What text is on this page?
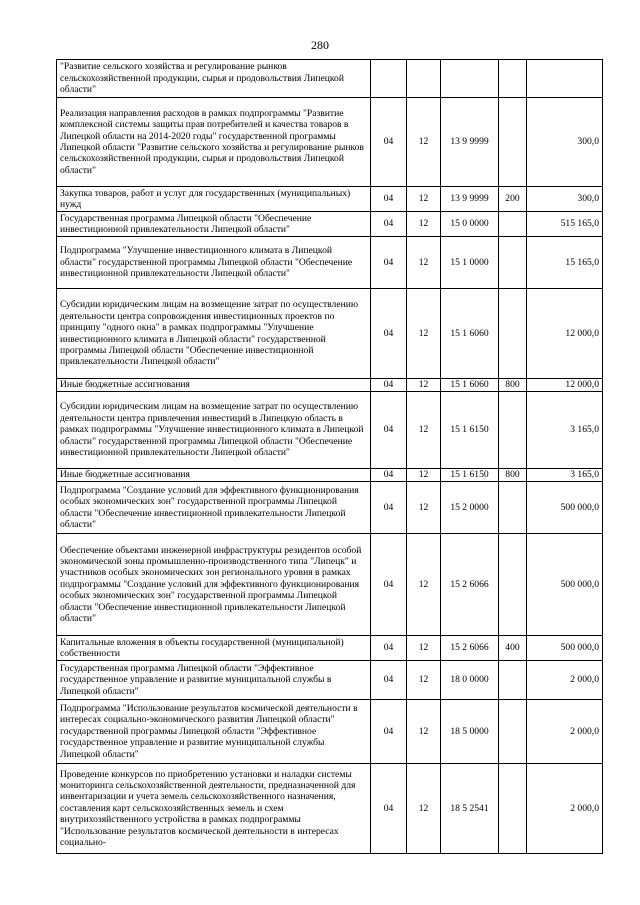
280
"Развитие сельского хозяйства и регулирование рынков сельскохозяйственной продукции, сырья и продовольствия Липецкой области"					
Реализация направления расходов в рамках подпрограммы "Развитие комплексной системы защиты прав потребителей и качества товаров в Липецкой области на 2014-2020 годы" государственной программы Липецкой области "Развитие сельского хозяйства и регулирование рынков сельскохозяйственной продукции, сырья и продовольствия Липецкой области"	04	12	13 9 9999		300,0
Закупка товаров, работ и услуг для государственных (муниципальных) нужд	04	12	13 9 9999	200	300,0
Государственная программа Липецкой области "Обеспечение инвестиционной привлекательности Липецкой области"	04	12	15 0 0000		515 165,0
Подпрограмма "Улучшение инвестиционного климата в Липецкой области" государственной программы Липецкой области "Обеспечение инвестиционной привлекательности Липецкой области"	04	12	15 1 0000		15 165,0
Субсидии юридическим лицам на возмещение затрат по осуществлению деятельности центра сопровождения инвестиционных проектов по принципу "одного окна" в рамках подпрограммы "Улучшение инвестиционного климата в Липецкой области" государственной программы Липецкой области "Обеспечение инвестиционной привлекательности Липецкой области"	04	12	15 1 6060		12 000,0
Иные бюджетные ассигнования	04	12	15 1 6060	800	12 000,0
Субсидии юридическим лицам на возмещение затрат по осуществлению деятельности центра привлечения инвестиций в Липецкую область в рамках подпрограммы "Улучшение инвестиционного климата в Липецкой области" государственной программы Липецкой области "Обеспечение инвестиционной привлекательности Липецкой области"	04	12	15 1 6150		3 165,0
Иные бюджетные ассигнования	04	12	15 1 6150	800	3 165,0
Подпрограмма "Создание условий для эффективного функционирования особых экономических зон" государственной программы Липецкой области "Обеспечение инвестиционной привлекательности Липецкой области"	04	12	15 2 0000		500 000,0
Обеспечение объектами инженерной инфраструктуры резидентов особой экономической зоны промышленно-производственного типа "Липецк" и участников особых экономических зон регионального уровня в рамках подпрограммы "Создание условий для эффективного функционирования особых экономических зон" государственной программы Липецкой области "Обеспечение инвестиционной привлекательности Липецкой области"	04	12	15 2 6066		500 000,0
Капитальные вложения в объекты государственной (муниципальной) собственности	04	12	15 2 6066	400	500 000,0
Государственная программа Липецкой области "Эффективное государственное управление и развитие муниципальной службы в Липецкой области"	04	12	18 0 0000		2 000,0
Подпрограмма "Использование результатов космической деятельности в интересах социально-экономического развития Липецкой области" государственной программы Липецкой области "Эффективное государственное управление и развитие муниципальной службы Липецкой области"	04	12	18 5 0000		2 000,0
Проведение конкурсов по приобретению установки и наладки системы мониторинга сельскохозяйственной деятельности, предназначенной для инвентаризации и учета земель сельскохозяйственного назначения, составления карт сельскохозяйственных земель и схем внутрихозяйственного устройства в рамках подпрограммы "Использование результатов космической деятельности в интересах социально-	04	12	18 5 2541		2 000,0
